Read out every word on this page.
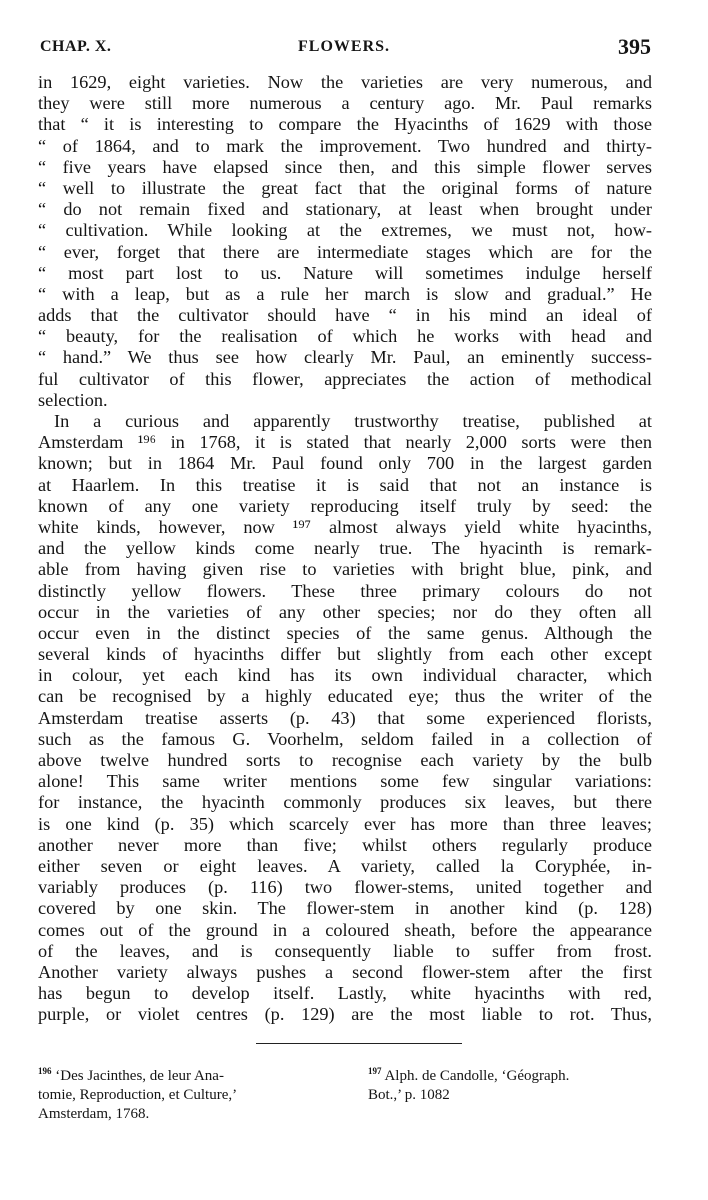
CHAP. X.	FLOWERS.	395
in 1629, eight varieties. Now the varieties are very numerous, and
they were still more numerous a century ago. Mr. Paul remarks
that “ it is interesting to compare the Hyacinths of 1629 with those
“ of 1864, and to mark the improvement. Two hundred and thirty-
“ five years have elapsed since then, and this simple flower serves
“ well to illustrate the great fact that the original forms of nature
“ do not remain fixed and stationary, at least when brought under
“ cultivation. While looking at the extremes, we must not, how-
“ ever, forget that there are intermediate stages which are for the
“ most part lost to us. Nature will sometimes indulge herself
“ with a leap, but as a rule her march is slow and gradual.” He
adds that the cultivator should have “ in his mind an ideal of
“ beauty, for the realisation of which he works with head and
“ hand.” We thus see how clearly Mr. Paul, an eminently success-
ful cultivator of this flower, appreciates the action of methodical
selection.
In a curious and apparently trustworthy treatise, published at
Amsterdam ¹⁹⁶ in 1768, it is stated that nearly 2,000 sorts were then
known; but in 1864 Mr. Paul found only 700 in the largest garden
at Haarlem. In this treatise it is said that not an instance is
known of any one variety reproducing itself truly by seed: the
white kinds, however, now ¹⁹⁷ almost always yield white hyacinths,
and the yellow kinds come nearly true. The hyacinth is remark-
able from having given rise to varieties with bright blue, pink, and
distinctly yellow flowers. These three primary colours do not
occur in the varieties of any other species; nor do they often all
occur even in the distinct species of the same genus. Although the
several kinds of hyacinths differ but slightly from each other except
in colour, yet each kind has its own individual character, which
can be recognised by a highly educated eye; thus the writer of the
Amsterdam treatise asserts (p. 43) that some experienced florists,
such as the famous G. Voorhelm, seldom failed in a collection of
above twelve hundred sorts to recognise each variety by the bulb
alone! This same writer mentions some few singular variations:
for instance, the hyacinth commonly produces six leaves, but there
is one kind (p. 35) which scarcely ever has more than three leaves;
another never more than five; whilst others regularly produce
either seven or eight leaves. A variety, called la Coryphée, in-
variably produces (p. 116) two flower-stems, united together and
covered by one skin. The flower-stem in another kind (p. 128)
comes out of the ground in a coloured sheath, before the appearance
of the leaves, and is consequently liable to suffer from frost.
Another variety always pushes a second flower-stem after the first
has begun to develop itself. Lastly, white hyacinths with red,
purple, or violet centres (p. 129) are the most liable to rot. Thus,
$^{196}$ ‘Des Jacinthes, de leur Ana-
tomie, Reproduction, et Culture,’
Amsterdam, 1768.
$^{197}$ Alph. de Candolle, ‘Géograph.
Bot.,’ p. 1082
